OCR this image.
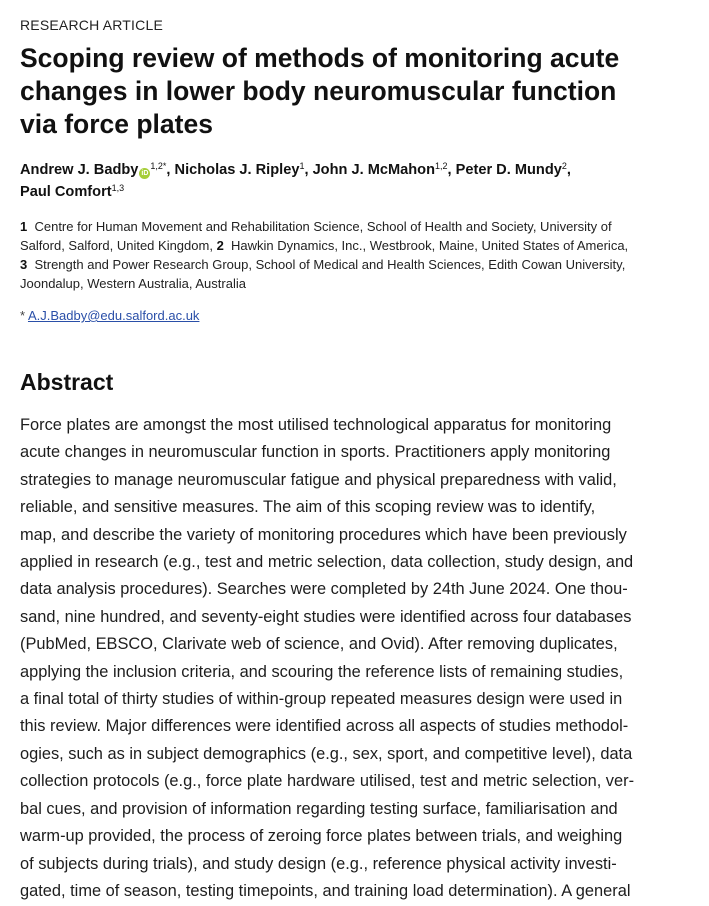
RESEARCH ARTICLE
Scoping review of methods of monitoring acute
changes in lower body neuromuscular function
via force plates
Andrew J. Badby $iD^{1,2*}$, Nicholas J. Ripley$^1$, John J. McMahon$^{1,2}$, Peter D. Mundy$^2$,
Paul Comfort$^{1,3}$
1 Centre for Human Movement and Rehabilitation Science, School of Health and Society, University of
Salford, Salford, United Kingdom, 2 Hawkin Dynamics, Inc., Westbrook, Maine, United States of America,
3 Strength and Power Research Group, School of Medical and Health Sciences, Edith Cowan University,
Joondalup, Western Australia, Australia
* A.J.Badby@edu.salford.ac.uk
Abstract
Force plates are amongst the most utilised technological apparatus for monitoring
acute changes in neuromuscular function in sports. Practitioners apply monitoring
strategies to manage neuromuscular fatigue and physical preparedness with valid,
reliable, and sensitive measures. The aim of this scoping review was to identify,
map, and describe the variety of monitoring procedures which have been previously
applied in research (e.g., test and metric selection, data collection, study design, and
data analysis procedures). Searches were completed by 24th June 2024. One thou-
sand, nine hundred, and seventy-eight studies were identified across four databases
(PubMed, EBSCO, Clarivate web of science, and Ovid). After removing duplicates,
applying the inclusion criteria, and scouring the reference lists of remaining studies,
a final total of thirty studies of within-group repeated measures design were used in
this review. Major differences were identified across all aspects of studies methodol-
ogies, such as in subject demographics (e.g., sex, sport, and competitive level), data
collection protocols (e.g., force plate hardware utilised, test and metric selection, ver-
bal cues, and provision of information regarding testing surface, familiarisation and
warm-up provided, the process of zeroing force plates between trials, and weighing
of subjects during trials), and study design (e.g., reference physical activity investi-
gated, time of season, testing timepoints, and training load determination). A general
